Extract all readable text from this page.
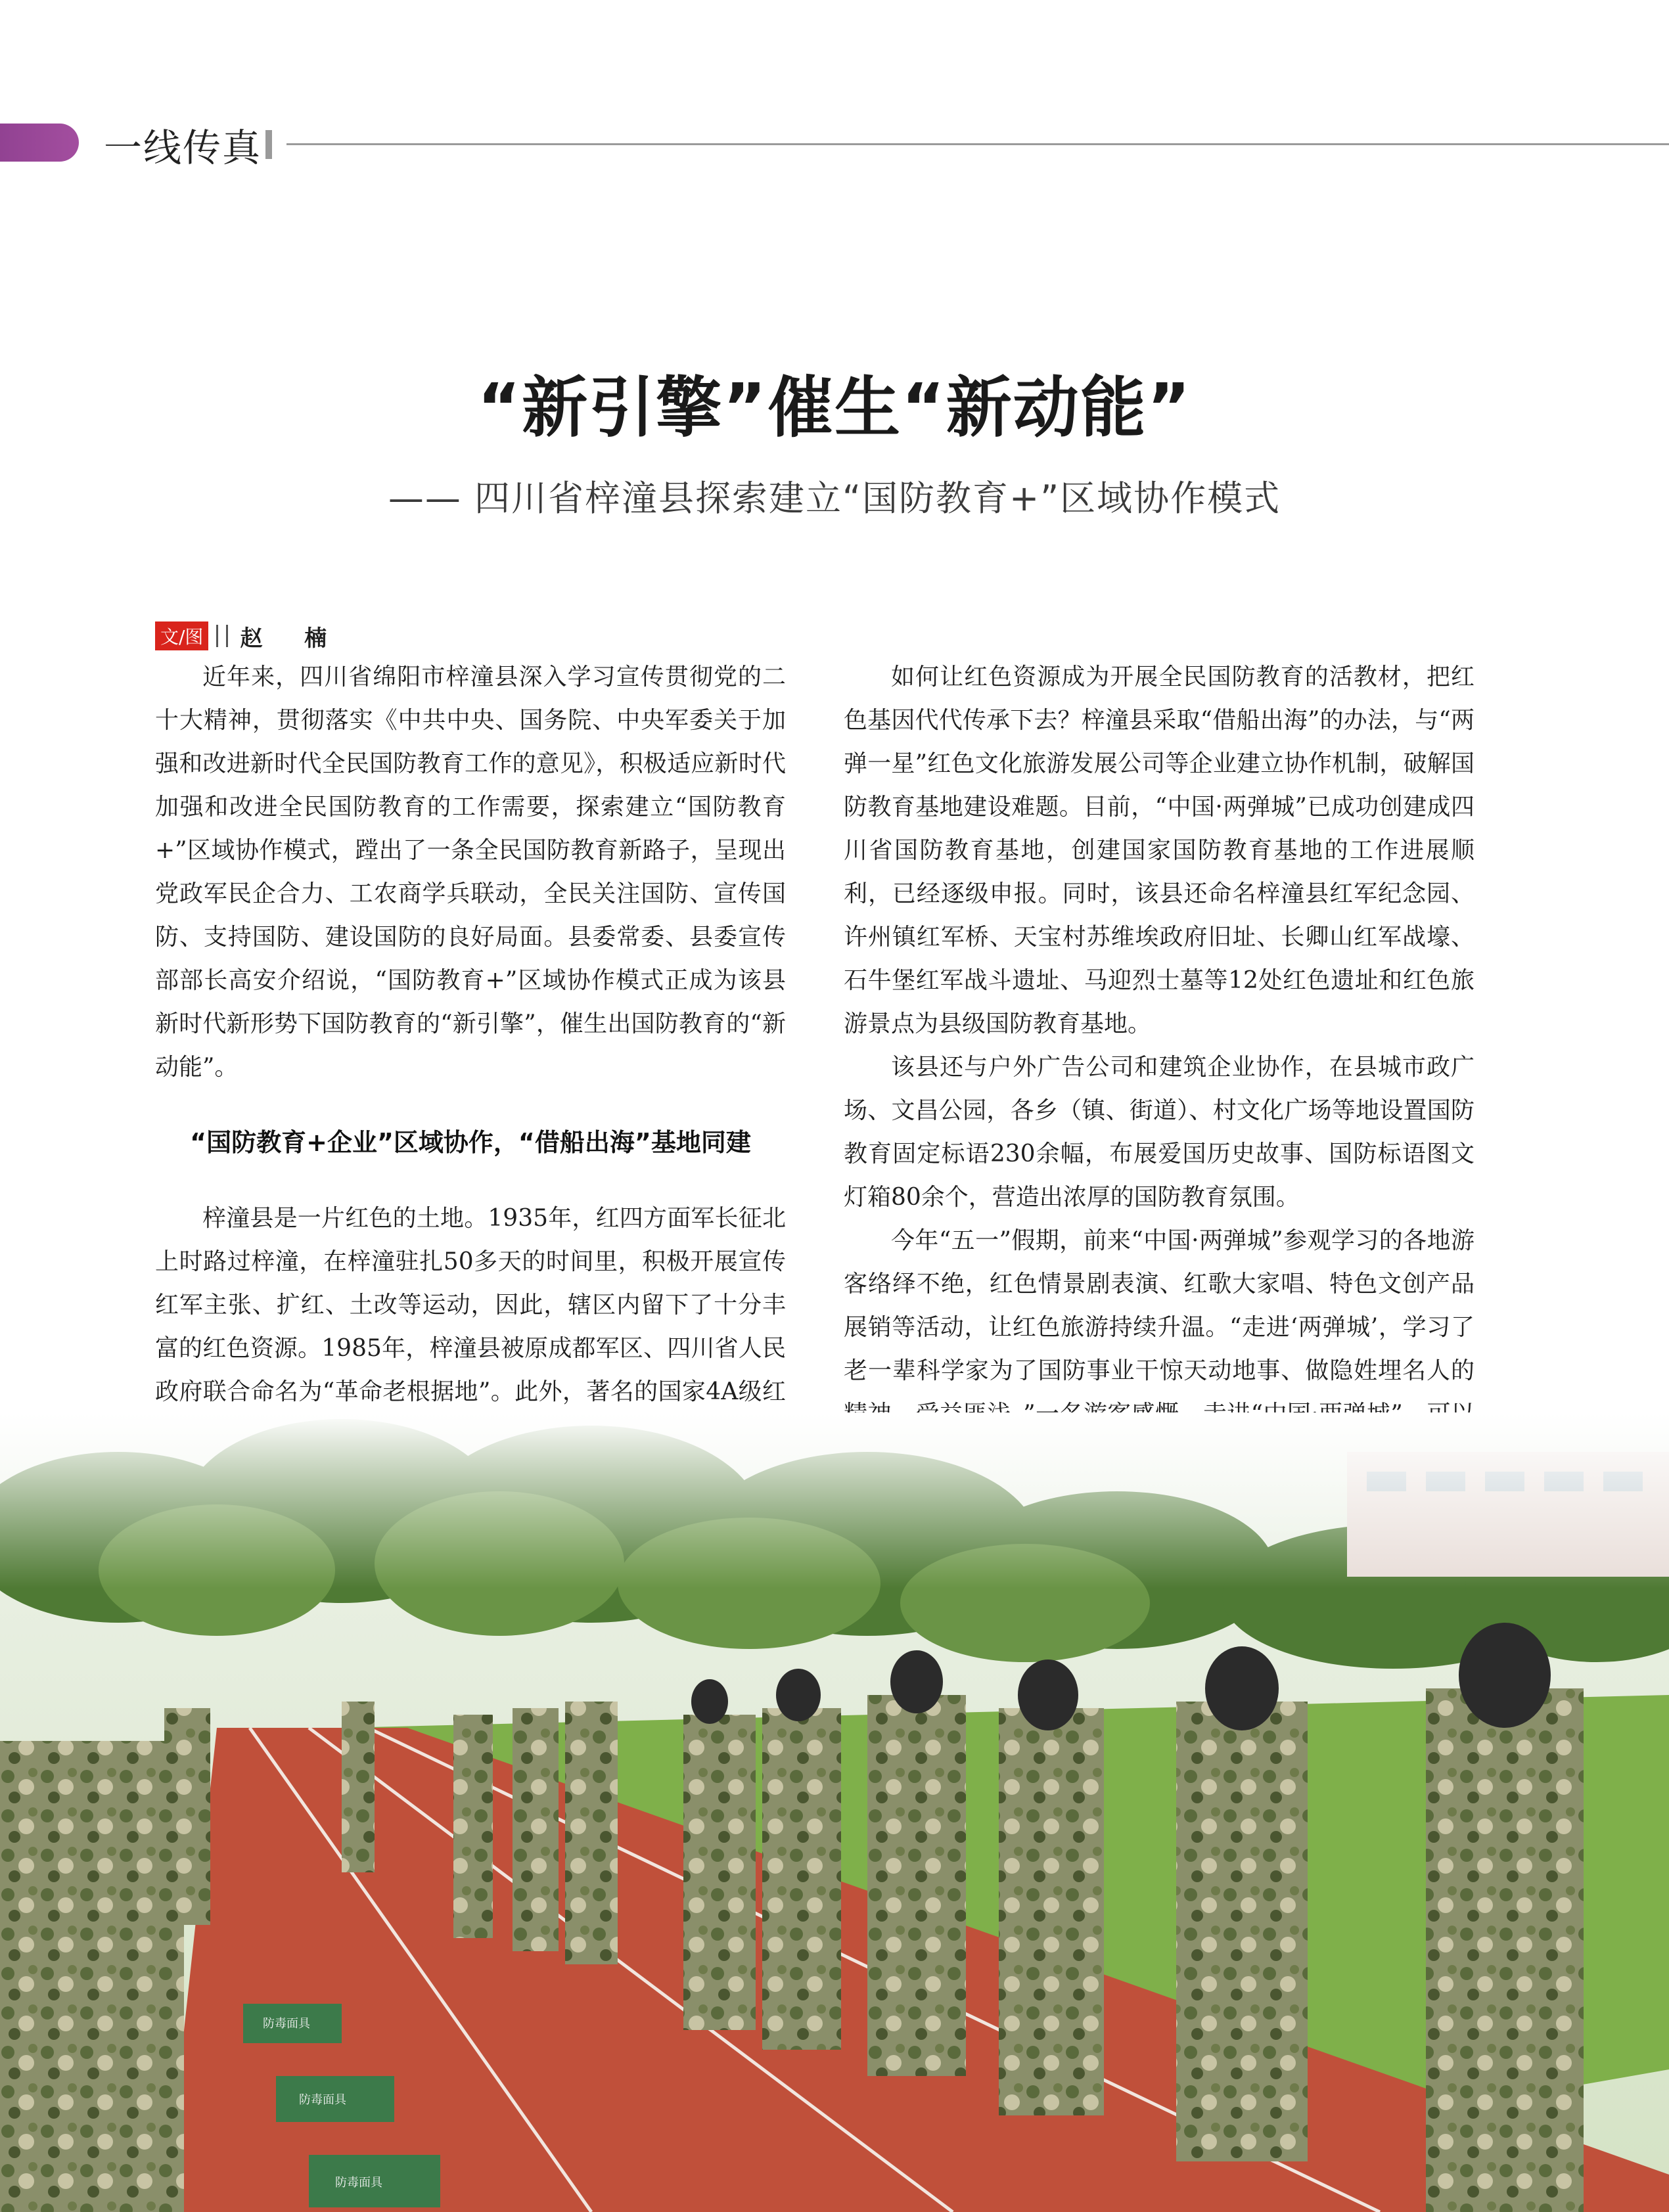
一线传真
“新引擎”催生“新动能”
—— 四川省梓潼县探索建立“国防教育+”区域协作模式
文/图 赵 楠

近年来，四川省绵阳市梓潼县深入学习宣传贯彻党的二十大精神，贯彻落实《中共中央、国务院、中央军委关于加强和改进新时代全民国防教育工作的意见》，积极适应新时代加强和改进全民国防教育的工作需要，探索建立“国防教育+”区域协作模式，蹚出了一条全民国防教育新路子，呈现出党政军民企合力、工农商学兵联动，全民关注国防、宣传国防、支持国防、建设国防的良好局面。县委常委、县委宣传部部长高安介绍说，“国防教育+”区域协作模式正成为该县新时代新形势下国防教育的“新引擎”，催生出国防教育的“新动能”。

“国防教育+企业”区域协作，“借船出海”基地同建

梓潼县是一片红色的土地。1935年，红四方面军长征北上时路过梓潼，在梓潼驻扎50多天的时间里，积极开展宣传红军主张、扩红、土改等运动，因此，辖区内留下了十分丰富的红色资源。1985年，梓潼县被原成都军区、四川省人民政府联合命名为“革命老根据地”。此外，著名的国家4A级红

如何让红色资源成为开展全民国防教育的活教材，把红色基因代代传承下去？梓潼县采取“借船出海”的办法，与“两弹一星”红色文化旅游发展公司等企业建立协作机制，破解国防教育基地建设难题。目前，“中国·两弹城”已成功创建成四川省国防教育基地，创建国家国防教育基地的工作进展顺利，已经逐级申报。同时，该县还命名梓潼县红军纪念园、许州镇红军桥、天宝村苏维埃政府旧址、长卿山红军战壕、石牛堡红军战斗遗址、马迎烈士墓等12处红色遗址和红色旅游景点为县级国防教育基地。

该县还与户外广告公司和建筑企业协作，在县城市政广场、文昌公园，各乡（镇、街道）、村文化广场等地设置国防教育固定标语230余幅，布展爱国历史故事、国防标语图文灯箱80余个，营造出浓厚的国防教育氛围。

今年“五一”假期，前来“中国·两弹城”参观学习的各地游客络绎不绝，红色情景剧表演、红歌大家唱、特色文创产品展销等活动，让红色旅游持续升温。“走进‘两弹城’，学习了老一辈科学家为了国防事业干惊天动地事、做隐姓埋名人的
